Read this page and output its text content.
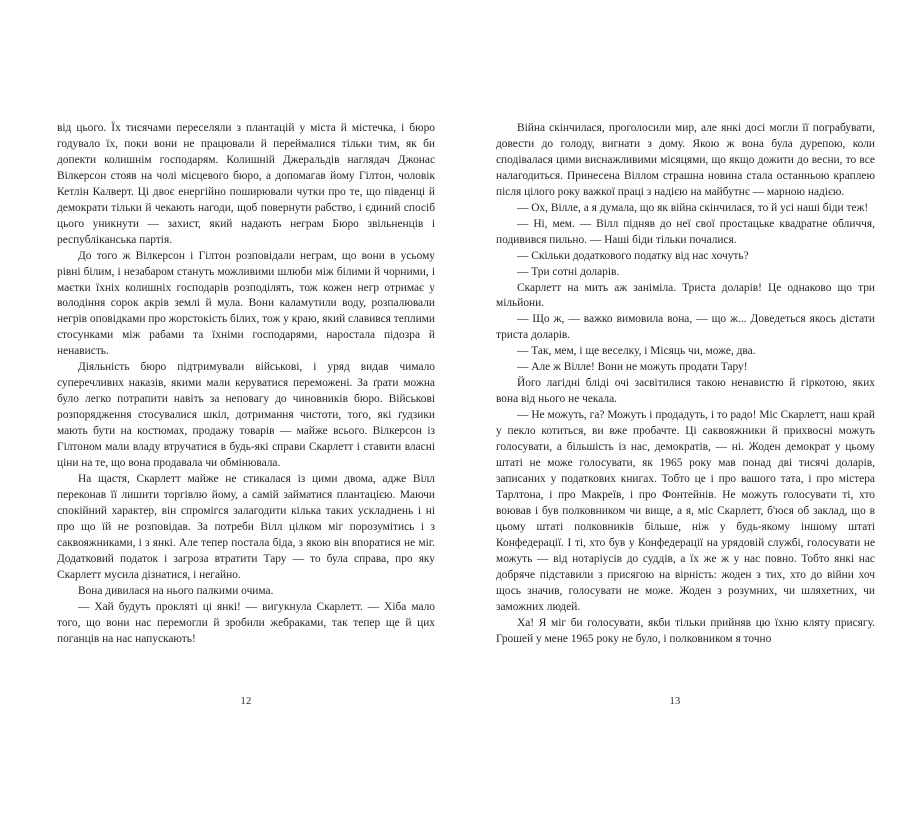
від цього. Їх тисячами переселяли з плантацій у міста й містечка, і бюро годувало їх, поки вони не працювали й переймалися тільки тим, як би допекти колишнім господарям. Колишній Джеральдів наглядач Джонас Вілкерсон стояв на чолі місцевого бюро, а допомагав йому Гілтон, чоловік Кетлін Калверт. Ці двоє енергійно поширювали чутки про те, що південці й демократи тільки й чекають нагоди, щоб повернути рабство, і єдиний спосіб цього уникнути — захист, який надають неграм Бюро звільненців і республіканська партія.

До того ж Вілкерсон і Гілтон розповідали неграм, що вони в усьому рівні білим, і незабаром стануть можливими шлюби між білими й чорними, і маєтки їхніх колишніх господарів розподілять, тож кожен негр отримає у володіння сорок акрів землі й мула. Вони каламутили воду, розпалювали негрів оповідками про жорстокість білих, тож у краю, який славився теплими стосунками між рабами та їхніми господарями, наростала підозра й ненависть.

Діяльність бюро підтримували військові, і уряд видав чимало суперечливих наказів, якими мали керуватися переможені. За ґрати можна було легко потрапити навіть за неповагу до чиновників бюро. Військові розпорядження стосувалися шкіл, дотримання чистоти, того, які ґудзики мають бути на костюмах, продажу товарів — майже всього. Вілкерсон із Гілтоном мали владу втручатися в будь-які справи Скарлетт і ставити власні ціни на те, що вона продавала чи обмінювала.

На щастя, Скарлетт майже не стикалася із цими двома, адже Вілл переконав її лишити торгівлю йому, а самій займатися плантацією. Маючи спокійний характер, він спромігся залагодити кілька таких ускладнень і ні про що їй не розповідав. За потреби Вілл цілком міг порозумітись і з саквояжниками, і з янкі. Але тепер постала біда, з якою він впоратися не міг. Додатковий податок і загроза втратити Тару — то була справа, про яку Скарлетт мусила дізнатися, і негайно.

Вона дивилася на нього палкими очима.

— Хай будуть прокляті ці янкі! — вигукнула Скарлетт. — Хіба мало того, що вони нас перемогли й зробили жебраками, так тепер ще й цих поганців на нас напускають!

12

Війна скінчилася, проголосили мир, але янкі досі могли її пограбувати, довести до голоду, вигнати з дому. Якою ж вона була дурепою, коли сподівалася цими виснажливими місяцями, що якщо дожити до весни, то все налагодиться. Принесена Віллом страшна новина стала останньою краплею після цілого року важкої праці з надією на майбутнє — марною надією.

— Ох, Вілле, а я думала, що як війна скінчилася, то й усі наші біди теж!

— Ні, мем. — Вілл підняв до неї свої простацьке квадратне обличчя, подивився пильно. — Наші біди тільки почалися.

— Скільки додаткового податку від нас хочуть?

— Три сотні доларів.

Скарлетт на мить аж заніміла. Триста доларів! Це однаково що три мільйони.

— Що ж, — важко вимовила вона, — що ж... Доведеться якось дістати триста доларів.

— Так, мем, і ще веселку, і Місяць чи, може, два.

— Але ж Вілле! Вони не можуть продати Тару!

Його лагідні бліді очі засвітилися такою ненавистю й гіркотою, яких вона від нього не чекала.

— Не можуть, га? Можуть і продадуть, і то радо! Міс Скарлетт, наш край у пекло котиться, ви вже пробачте. Ці саквояжники й прихвосні можуть голосувати, а більшість із нас, демократів, — ні. Жоден демократ у цьому штаті не може голосувати, як 1965 року мав понад дві тисячі доларів, записаних у податкових книгах. Тобто це і про вашого тата, і про містера Тарлтона, і про Макреїв, і про Фонтейнів. Не можуть голосувати ті, хто воював і був полковником чи вище, а я, міс Скарлетт, б'юся об заклад, що в цьому штаті полковників більше, ніж у будь-якому іншому штаті Конфедерації. І ті, хто був у Конфедерації на урядовій службі, голосувати не можуть — від нотаріусів до суддів, а їх же ж у нас повно. Тобто янкі нас добряче підставили з присягою на вірність: жоден з тих, хто до війни хоч щось значив, голосувати не може. Жоден з розумних, чи шляхетних, чи заможних людей.

Ха! Я міг би голосувати, якби тільки прийняв цю їхню кляту присягу. Грошей у мене 1965 року не було, і полковником я точно

13
